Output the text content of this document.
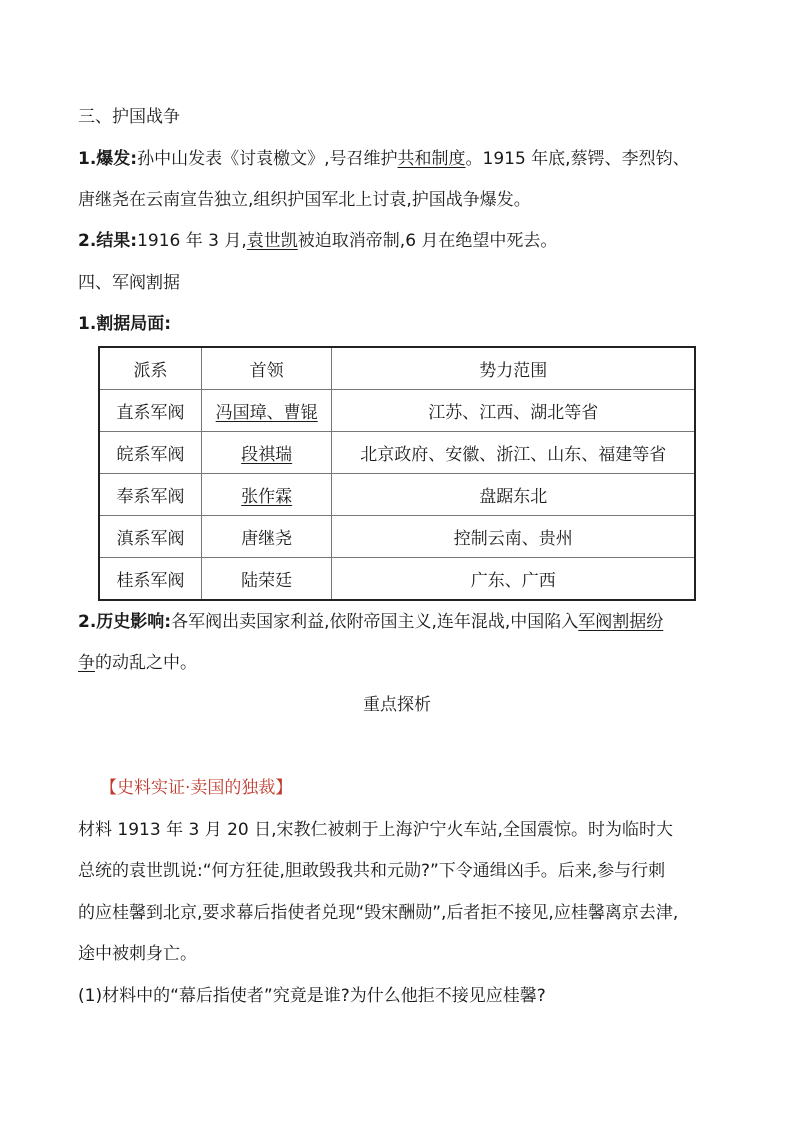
三、护国战争
1.爆发:孙中山发表《讨袁檄文》,号召维护共和制度。1915 年底,蔡锷、李烈钧、
唐继尧在云南宣告独立,组织护国军北上讨袁,护国战争爆发。
2.结果:1916 年 3 月,袁世凯被迫取消帝制,6 月在绝望中死去。
四、军阀割据
1.割据局面:
派系	首领	势力范围
直系军阀	冯国璋、曹锟	江苏、江西、湖北等省
皖系军阀	段祺瑞	北京政府、安徽、浙江、山东、福建等省
奉系军阀	张作霖	盘踞东北
滇系军阀	唐继尧	控制云南、贵州
桂系军阀	陆荣廷	广东、广西
2.历史影响:各军阀出卖国家利益,依附帝国主义,连年混战,中国陷入军阀割据纷
争的动乱之中。
重点探析
【史料实证·卖国的独裁】
材料 1913 年 3 月 20 日,宋教仁被刺于上海沪宁火车站,全国震惊。时为临时大
总统的袁世凯说:“何方狂徒,胆敢毁我共和元勋?”下令通缉凶手。后来,参与行刺
的应桂馨到北京,要求幕后指使者兑现“毁宋酬勋”,后者拒不接见,应桂馨离京去津,
途中被刺身亡。
(1)材料中的“幕后指使者”究竟是谁?为什么他拒不接见应桂馨?
